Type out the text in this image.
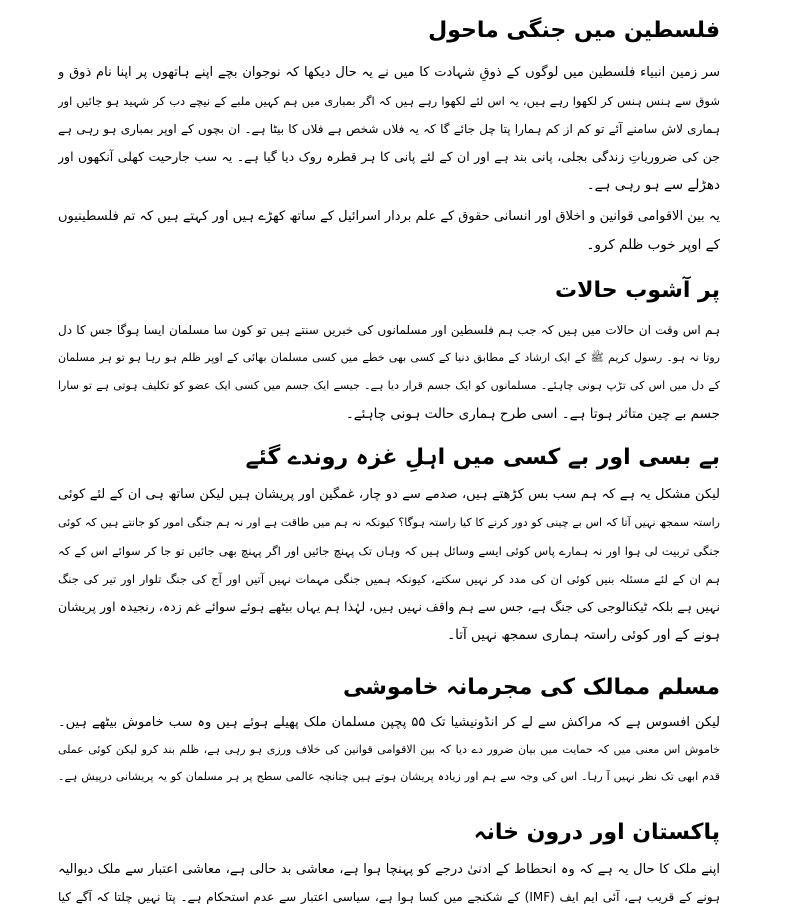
فلسطین میں جنگی ماحول
سر زمین انبیاء فلسطین میں لوگوں کے ذوقِ شہادت کا میں نے یہ حال دیکھا کہ نوجوان بچے اپنے ہاتھوں پر اپنا نام ذوق و
شوق سے ہنس ہنس کر لکھوا رہے ہیں، یہ اس لئے لکھوا رہے ہیں کہ اگر بمباری میں ہم کہیں ملبے کے نیچے دب کر شہید ہو جائیں اور
ہماری لاش سامنے آئے تو کم از کم ہمارا پتا چل جائے گا کہ یہ فلاں شخص ہے فلاں کا بیٹا ہے۔ ان بچوں کے اوپر بمباری ہو رہی ہے
جن کی ضروریاتِ زندگی بجلی، پانی بند ہے اور ان کے لئے پانی کا ہر قطرہ روک دیا گیا ہے۔ یہ سب جارحیت کھلی آنکھوں اور
دھڑلے سے ہو رہی ہے۔
یہ بین الاقوامی قوانین و اخلاق اور انسانی حقوق کے علم بردار اسرائیل کے ساتھ کھڑے ہیں اور کہتے ہیں کہ تم فلسطینیوں
کے اوپر خوب ظلم کرو۔
پر آشوب حالات
ہم اس وقت ان حالات میں ہیں کہ جب ہم فلسطین اور مسلمانوں کی خبریں سنتے ہیں تو کون سا مسلمان ایسا ہوگا جس کا دل
روتا نہ ہو۔ رسول کریم ﷺ کے ایک ارشاد کے مطابق دنیا کے کسی بھی خطے میں کسی مسلمان بھائی کے اوپر ظلم ہو رہا ہو تو ہر مسلمان
کے دل میں اس کی تڑپ ہونی چاہئے۔ مسلمانوں کو ایک جسم قرار دیا ہے۔ جیسے ایک جسم میں کسی ایک عضو کو تکلیف ہوتی ہے تو سارا
جسم بے چین متاثر ہوتا ہے۔ اسی طرح ہماری حالت ہونی چاہئے۔
بے بسی اور بے کسی میں اہلِ غزہ روندے گئے
لیکن مشکل یہ ہے کہ ہم سب بس کڑھتے ہیں، صدمے سے دو چار، غمگین اور پریشان ہیں لیکن ساتھ ہی ان کے لئے کوئی
راستہ سمجھ نہیں آتا کہ اس بے چینی کو دور کرنے کا کیا راستہ ہوگا؟ کیونکہ نہ ہم میں طاقت ہے اور نہ ہم جنگی امور کو جانتے ہیں کہ کوئی
جنگی تربیت لی ہوا اور نہ ہمارے پاس کوئی ایسے وسائل ہیں کہ وہاں تک پہنچ جائیں اور اگر پہنچ بھی جائیں تو جا کر سوائے اس کے کہ
ہم ان کے لئے مسئلہ بنیں کوئی ان کی مدد کر نہیں سکتے، کیونکہ ہمیں جنگی مہمات نہیں آتیں اور آج کی جنگ تلوار اور تیر کی جنگ
نہیں ہے بلکہ ٹیکنالوجی کی جنگ ہے، جس سے ہم واقف نہیں ہیں، لہٰذا ہم یہاں بیٹھے ہوئے سوائے غم زدہ، رنجیدہ اور پریشان
ہونے کے اور کوئی راستہ ہماری سمجھ نہیں آتا۔
مسلم ممالک کی مجرمانہ خاموشی
لیکن افسوس ہے کہ مراکش سے لے کر انڈونیشیا تک ۵۵ پچپن مسلمان ملک پھیلے ہوئے ہیں وہ سب خاموش بیٹھے ہیں۔
خاموش اس معنی میں کہ حمایت میں بیان ضرور دے دیا کہ بین الاقوامی قوانین کی خلاف ورزی ہو رہی ہے، ظلم بند کرو لیکن کوئی عملی
قدم ابھی تک نظر نہیں آ رہا۔ اس کی وجہ سے ہم اور زیادہ پریشان ہوتے ہیں چنانچہ عالمی سطح پر ہر مسلمان کو یہ پریشانی درپیش ہے۔
پاکستان اور درون خانہ
اپنے ملک کا حال یہ ہے کہ وہ انحطاط کے ادنیٰ درجے کو پہنچا ہوا ہے، معاشی بد حالی ہے، معاشی اعتبار سے ملک دیوالیہ
ہونے کے قریب ہے، آئی ایم ایف (IMF) کے شکنجے میں کسا ہوا ہے، سیاسی اعتبار سے عدم استحکام ہے۔ پتا نہیں چلتا کہ آگے کیا
